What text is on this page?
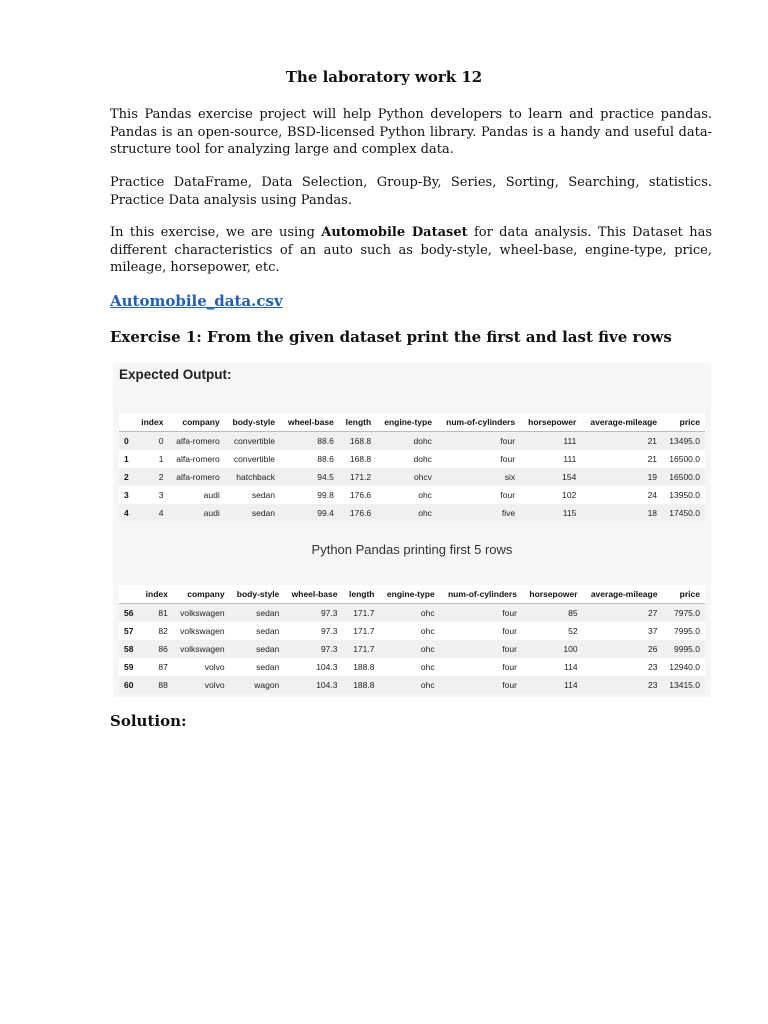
The laboratory work 12

This Pandas exercise project will help Python developers to learn and practice pandas. Pandas is an open-source, BSD-licensed Python library. Pandas is a handy and useful data-structure tool for analyzing large and complex data.

Practice DataFrame, Data Selection, Group-By, Series, Sorting, Searching, statistics. Practice Data analysis using Pandas.

In this exercise, we are using Automobile Dataset for data analysis. This Dataset has different characteristics of an auto such as body-style, wheel-base, engine-type, price, mileage, horsepower, etc.

Automobile_data.csv
Exercise 1: From the given dataset print the first and last five rows
Expected Output:
	index	company	body-style	wheel-base	length	engine-type	num-of-cylinders	horsepower	average-mileage	price
0	0	alfa-romero	convertible	88.6	168.8	dohc	four	111	21	13495.0
1	1	alfa-romero	convertible	88.6	168.8	dohc	four	111	21	16500.0
2	2	alfa-romero	hatchback	94.5	171.2	ohcv	six	154	19	16500.0
3	3	audi	sedan	99.8	176.6	ohc	four	102	24	13950.0
4	4	audi	sedan	99.4	176.6	ohc	five	115	18	17450.0
Python Pandas printing first 5 rows
	index	company	body-style	wheel-base	length	engine-type	num-of-cylinders	horsepower	average-mileage	price
56	81	volkswagen	sedan	97.3	171.7	ohc	four	85	27	7975.0
57	82	volkswagen	sedan	97.3	171.7	ohc	four	52	37	7995.0
58	86	volkswagen	sedan	97.3	171.7	ohc	four	100	26	9995.0
59	87	volvo	sedan	104.3	188.8	ohc	four	114	23	12940.0
60	88	volvo	wagon	104.3	188.8	ohc	four	114	23	13415.0
Solution:
